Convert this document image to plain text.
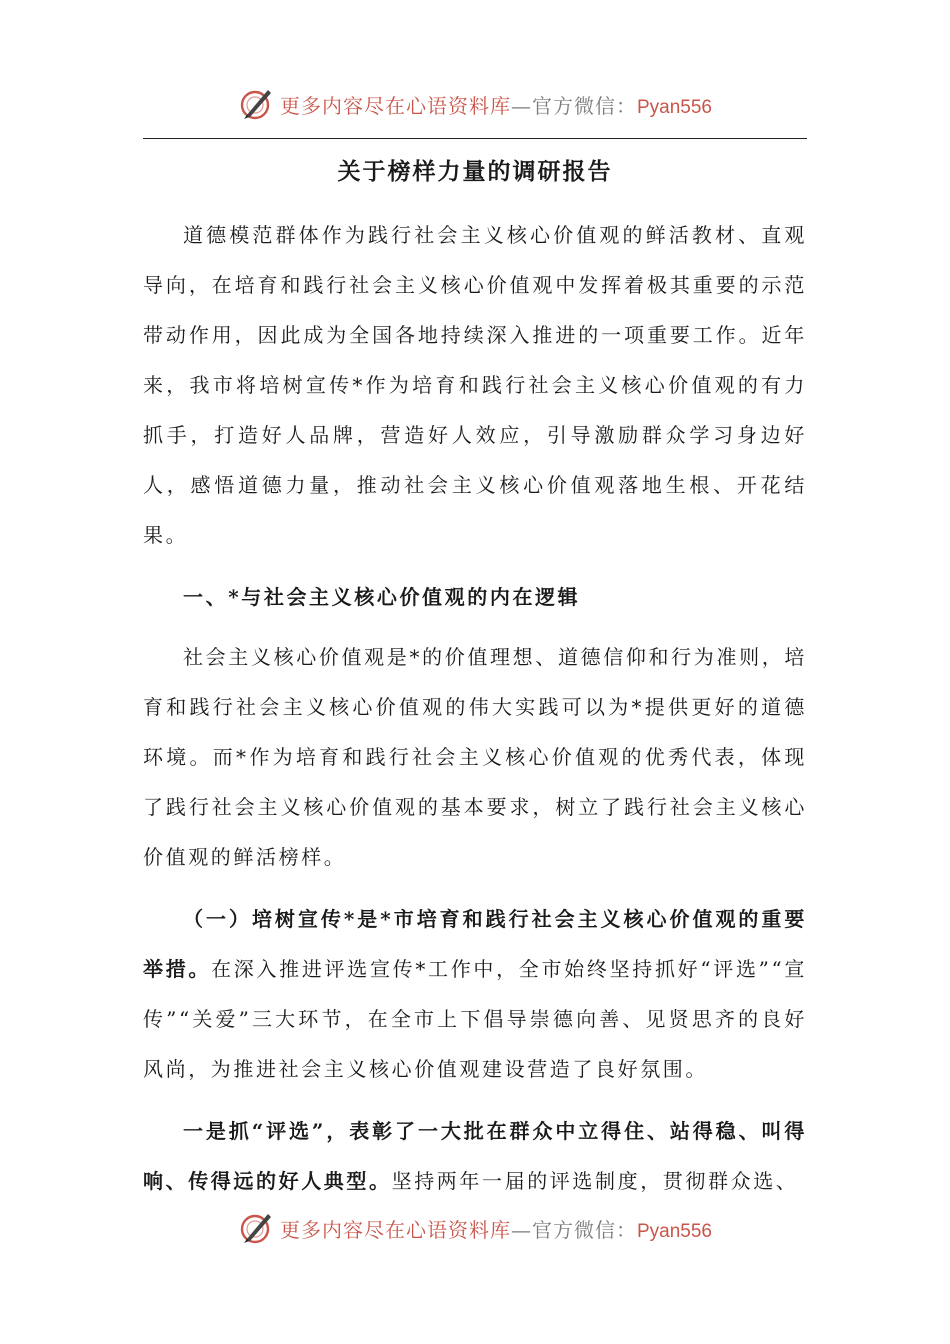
更多内容尽在心语资料库—官方微信：Pyan556
关于榜样力量的调研报告

道德模范群体作为践行社会主义核心价值观的鲜活教材、直观导向，在培育和践行社会主义核心价值观中发挥着极其重要的示范带动作用，因此成为全国各地持续深入推进的一项重要工作。近年来，我市将培树宣传*作为培育和践行社会主义核心价值观的有力抓手，打造好人品牌，营造好人效应，引导激励群众学习身边好人，感悟道德力量，推动社会主义核心价值观落地生根、开花结果。

一、*与社会主义核心价值观的内在逻辑

社会主义核心价值观是*的价值理想、道德信仰和行为准则，培育和践行社会主义核心价值观的伟大实践可以为*提供更好的道德环境。而*作为培育和践行社会主义核心价值观的优秀代表，体现了践行社会主义核心价值观的基本要求，树立了践行社会主义核心价值观的鲜活榜样。

（一）培树宣传*是*市培育和践行社会主义核心价值观的重要举措。在深入推进评选宣传*工作中，全市始终坚持抓好“评选”“宣传”“关爱”三大环节，在全市上下倡导崇德向善、见贤思齐的良好风尚，为推进社会主义核心价值观建设营造了良好氛围。

一是抓“评选”，表彰了一大批在群众中立得住、站得稳、叫得响、传得远的好人典型。坚持两年一届的评选制度，贯彻群众选、

更多内容尽在心语资料库—官方微信：Pyan556
